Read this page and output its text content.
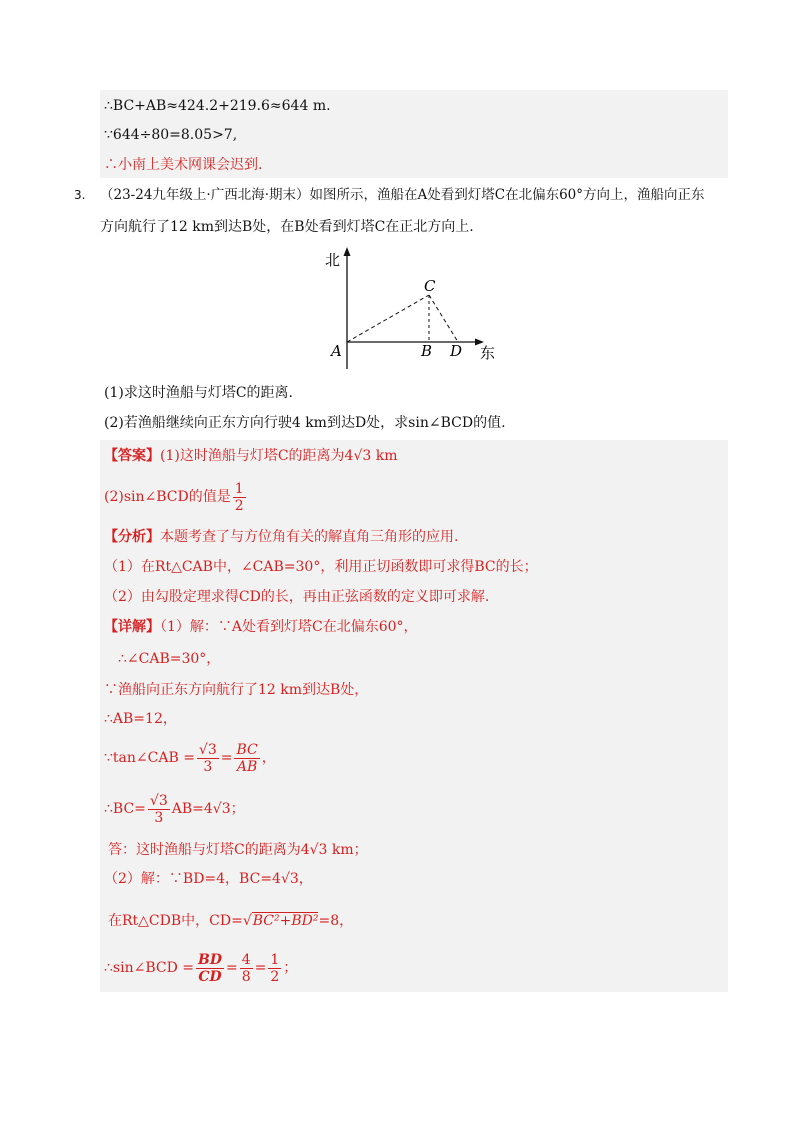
∴BC+AB≈424.2+219.6≈644 m.
∵644÷80=8.05>7,
∴小南上美术网课会迟到.
3. （23-24九年级上·广西北海·期末）如图所示，渔船在A处看到灯塔C在北偏东60°方向上，渔船向正东
方向航行了12 km到达B处，在B处看到灯塔C在正北方向上.
北
东
A	B
C
D
(1)求这时渔船与灯塔C的距离.
(2)若渔船继续向正东方向行驶4 km到达D处，求sin∠BCD的值.
【答案】(1)这时渔船与灯塔C的距离为4√3 km
(2)sin∠BCD的值是 $\frac{1}{2}$
【分析】本题考查了与方位角有关的解直角三角形的应用.
（1）在Rt△CAB中，∠CAB=30°，利用正切函数即可求得BC的长；
（2）由勾股定理求得CD的长，再由正弦函数的定义即可求解.
【详解】（1）解：∵A处看到灯塔C在北偏东60°，
∴∠CAB=30°，
∵渔船向正东方向航行了12 km到达B处，
∴AB=12，
∵tan∠CAB = $\frac{√3}{3} = \frac{BC}{AB}$ ，
∴BC= $\frac{√3}{3} AB=4√3$；
答：这时渔船与灯塔C的距离为4√3 km；
（2）解：∵BD=4，BC=4√3，
在Rt△CDB中，CD=√BC²+BD²=8，
∴sin∠BCD = $\frac{BD}{CD} = \frac{4}{8} = \frac{1}{2}$ ；
